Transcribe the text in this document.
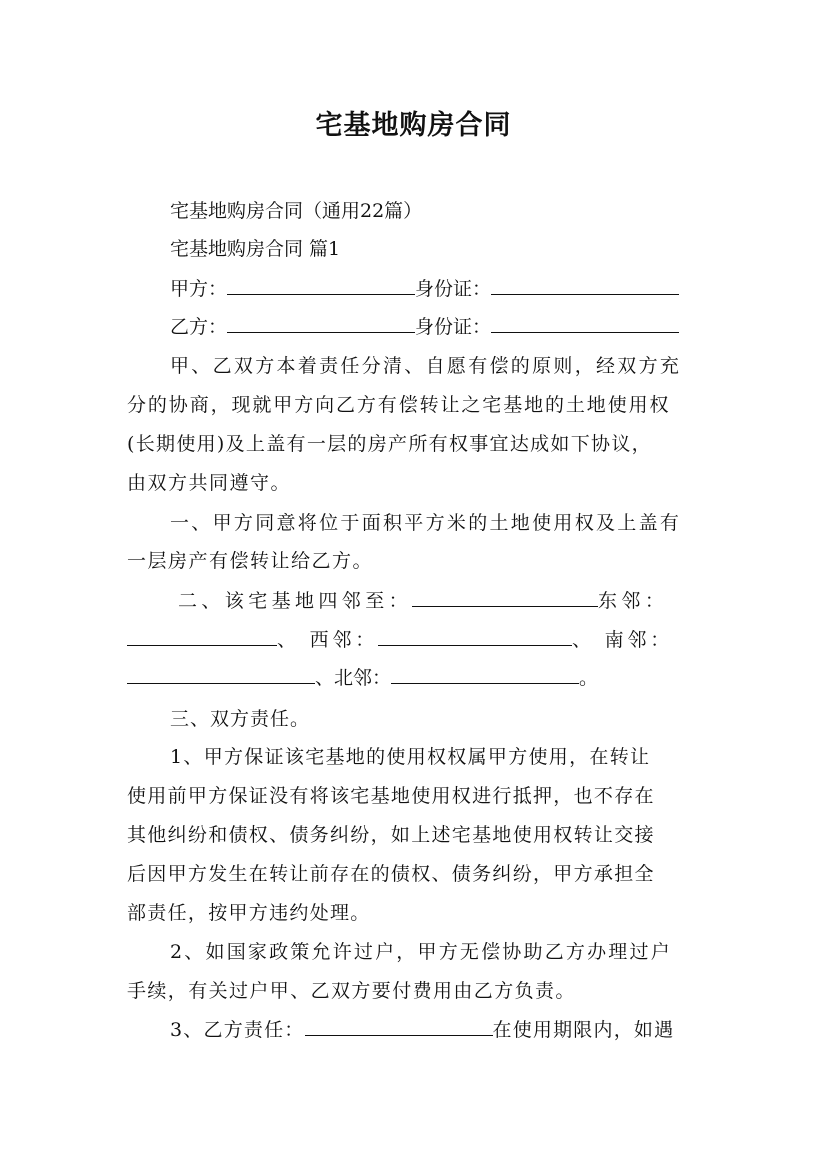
宅基地购房合同
宅基地购房合同（通用22篇）
宅基地购房合同 篇1
甲方：	身份证：
乙方：	身份证：
甲、乙双方本着责任分清、自愿有偿的原则，经双方充
分的协商，现就甲方向乙方有偿转让之宅基地的土地使用权
(长期使用)及上盖有一层的房产所有权事宜达成如下协议，
由双方共同遵守。
一、甲方同意将位于面积平方米的土地使用权及上盖有
一层房产有偿转让给乙方。
二、该宅基地四邻至：	东邻：
、 西邻：	、 南邻：
、北邻：	。
三、双方责任。
1、甲方保证该宅基地的使用权权属甲方使用，在转让
使用前甲方保证没有将该宅基地使用权进行抵押，也不存在
其他纠纷和债权、债务纠纷，如上述宅基地使用权转让交接
后因甲方发生在转让前存在的债权、债务纠纷，甲方承担全
部责任，按甲方违约处理。
2、如国家政策允许过户，甲方无偿协助乙方办理过户
手续，有关过户甲、乙双方要付费用由乙方负责。
3、乙方责任：	在使用期限内，如遇
